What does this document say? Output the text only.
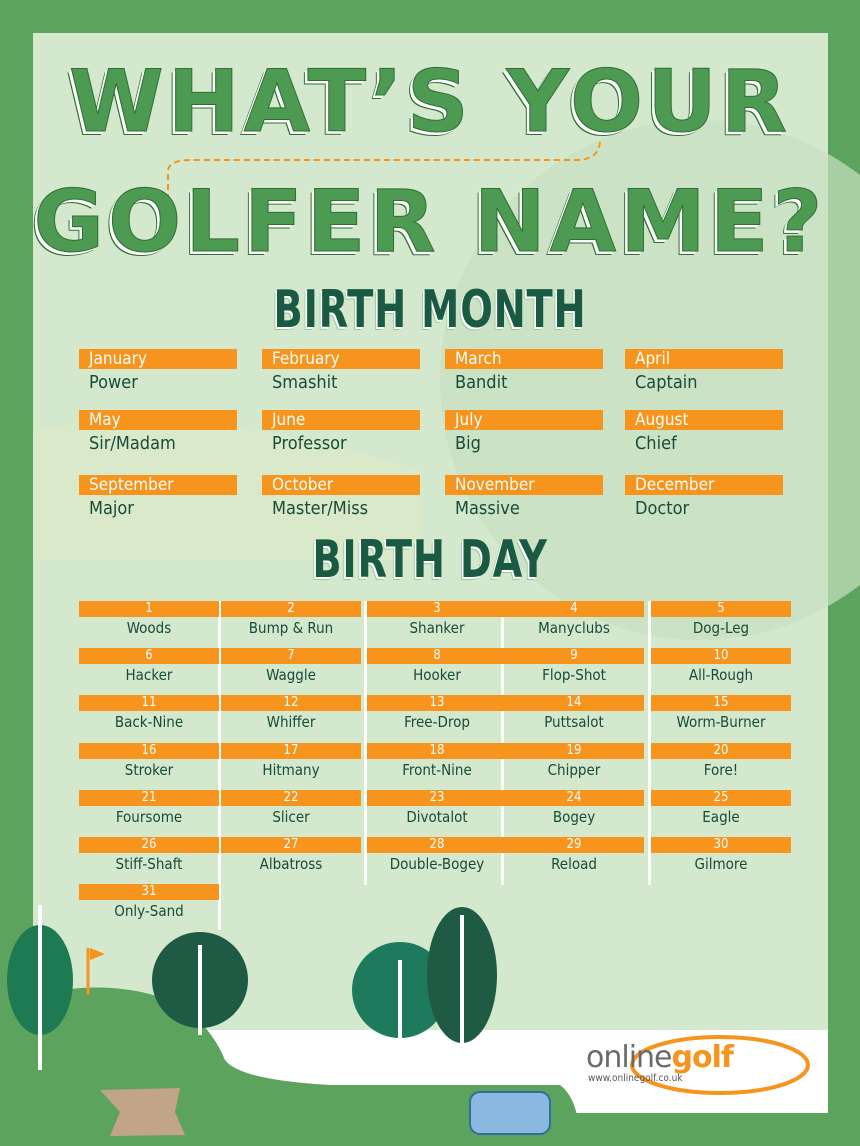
WHAT’S YOUR
GOLFER NAME?
BIRTH MONTH
January
Power
February
Smashit
March
Bandit
April
Captain
May
Sir/Madam
June
Professor
July
Big
August
Chief
September
Major
October
Master/Miss
November
Massive
December
Doctor
BIRTH DAY
1
Woods
2
Bump & Run
3
Shanker
4
Manyclubs
5
Dog-Leg
6
Hacker
7
Waggle
8
Hooker
9
Flop-Shot
10
All-Rough
11
Back-Nine
12
Whiffer
13
Free-Drop
14
Puttsalot
15
Worm-Burner
16
Stroker
17
Hitmany
18
Front-Nine
19
Chipper
20
Fore!
21
Foursome
22
Slicer
23
Divotalot
24
Bogey
25
Eagle
26
Stiff-Shaft
27
Albatross
28
Double-Bogey
29
Reload
30
Gilmore
31
Only-Sand
onlinegolf
www.onlinegolf.co.uk
